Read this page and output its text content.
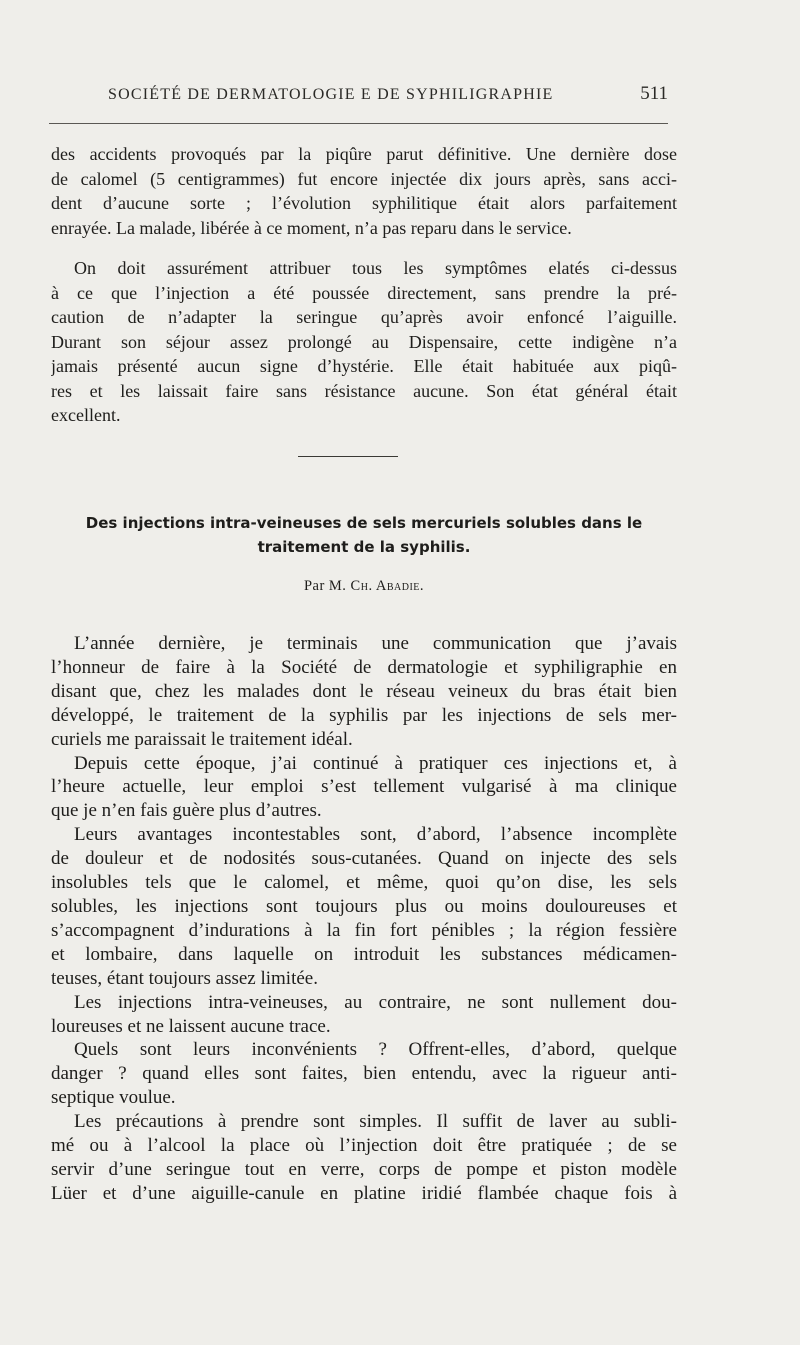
SOCIÉTÉ DE DERMATOLOGIE E DE SYPHILIGRAPHIE	511

des accidents provoqués par la piqûre parut définitive. Une dernière dose

de calomel (5 centigrammes) fut encore injectée dix jours après, sans acci-

dent d’aucune sorte ; l’évolution syphilitique était alors parfaitement

enrayée. La malade, libérée à ce moment, n’a pas reparu dans le service.

On doit assurément attribuer tous les symptômes elatés ci-dessus

à ce que l’injection a été poussée directement, sans prendre la pré-

caution de n’adapter la seringue qu’après avoir enfoncé l’aiguille.

Durant son séjour assez prolongé au Dispensaire, cette indigène n’a

jamais présenté aucun signe d’hystérie. Elle était habituée aux piqû-

res et les laissait faire sans résistance aucune. Son état général était

excellent.

Des injections intra-veineuses de sels mercuriels solubles dans le
traitement de la syphilis.
Par M. Ch. Abadie.

L’année dernière, je terminais une communication que j’avais

l’honneur de faire à la Société de dermatologie et syphiligraphie en

disant que, chez les malades dont le réseau veineux du bras était bien

développé, le traitement de la syphilis par les injections de sels mer-

curiels me paraissait le traitement idéal.

Depuis cette époque, j’ai continué à pratiquer ces injections et, à

l’heure actuelle, leur emploi s’est tellement vulgarisé à ma clinique

que je n’en fais guère plus d’autres.

Leurs avantages incontestables sont, d’abord, l’absence incomplète

de douleur et de nodosités sous-cutanées. Quand on injecte des sels

insolubles tels que le calomel, et même, quoi qu’on dise, les sels

solubles, les injections sont toujours plus ou moins douloureuses et

s’accompagnent d’indurations à la fin fort pénibles ; la région fessière

et lombaire, dans laquelle on introduit les substances médicamen-

teuses, étant toujours assez limitée.

Les injections intra-veineuses, au contraire, ne sont nullement dou-

loureuses et ne laissent aucune trace.

Quels sont leurs inconvénients ? Offrent-elles, d’abord, quelque

danger ? quand elles sont faites, bien entendu, avec la rigueur anti-

septique voulue.

Les précautions à prendre sont simples. Il suffit de laver au subli-

mé ou à l’alcool la place où l’injection doit être pratiquée ; de se

servir d’une seringue tout en verre, corps de pompe et piston modèle

Lüer et d’une aiguille-canule en platine iridié flambée chaque fois à
